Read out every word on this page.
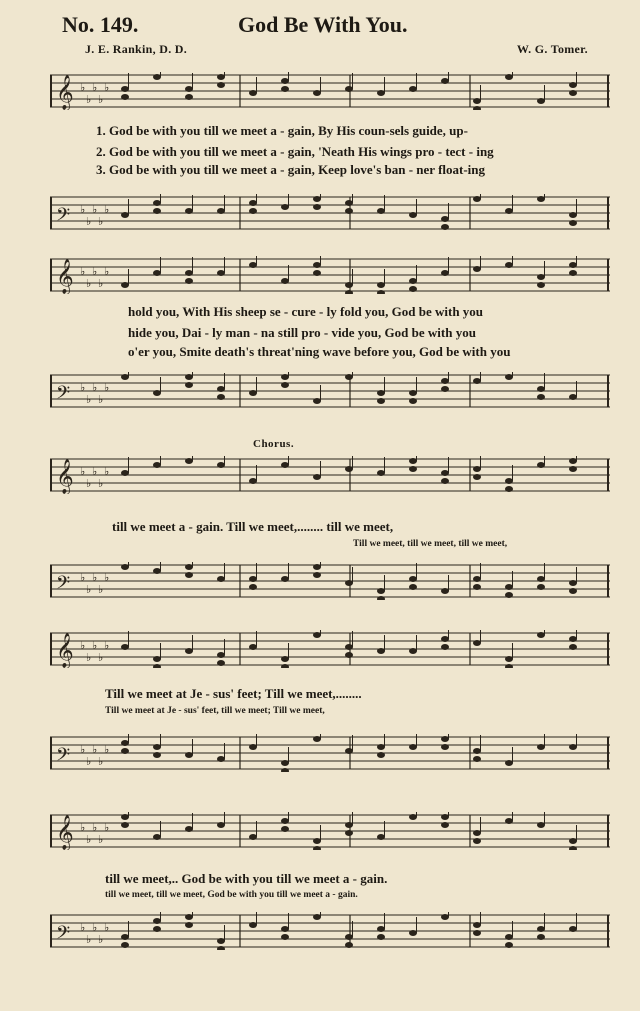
No. 149.	God Be With You.
J. E. Rankin, D. D.	W. G. Tomer.
𝄞 ♭
♭
♭
♭
♭
1. God be with you till we meet a - gain, By His coun-sels guide, up-
2. God be with you till we meet a - gain, 'Neath His wings pro - tect - ing
3. God be with you till we meet a - gain, Keep love's ban - ner float-ing
𝄢 ♭
♭
♭
♭
♭
𝄞 ♭
♭
♭
♭
♭
hold you, With His sheep se - cure - ly fold you, God be with you
hide you, Dai - ly man - na still pro - vide you, God be with you
o'er you, Smite death's threat'ning wave before you, God be with you
𝄢 ♭
♭
♭
♭
♭
Chorus.
𝄞 ♭
♭
♭
♭
♭
till we meet a - gain. Till we meet,........ till we meet,
Till we meet, till we meet, till we meet,
𝄢 ♭
♭
♭
♭
♭
𝄞 ♭
♭
♭
♭
♭
Till we meet at Je - sus' feet; Till we meet,........
Till we meet at Je - sus' feet, till we meet; Till we meet,
𝄢 ♭
♭
♭
♭
♭
𝄞 ♭
♭
♭
♭
♭
till we meet,.. God be with you till we meet a - gain.
till we meet, till we meet, God be with you till we meet a - gain.
𝄢 ♭
♭
♭
♭
♭
